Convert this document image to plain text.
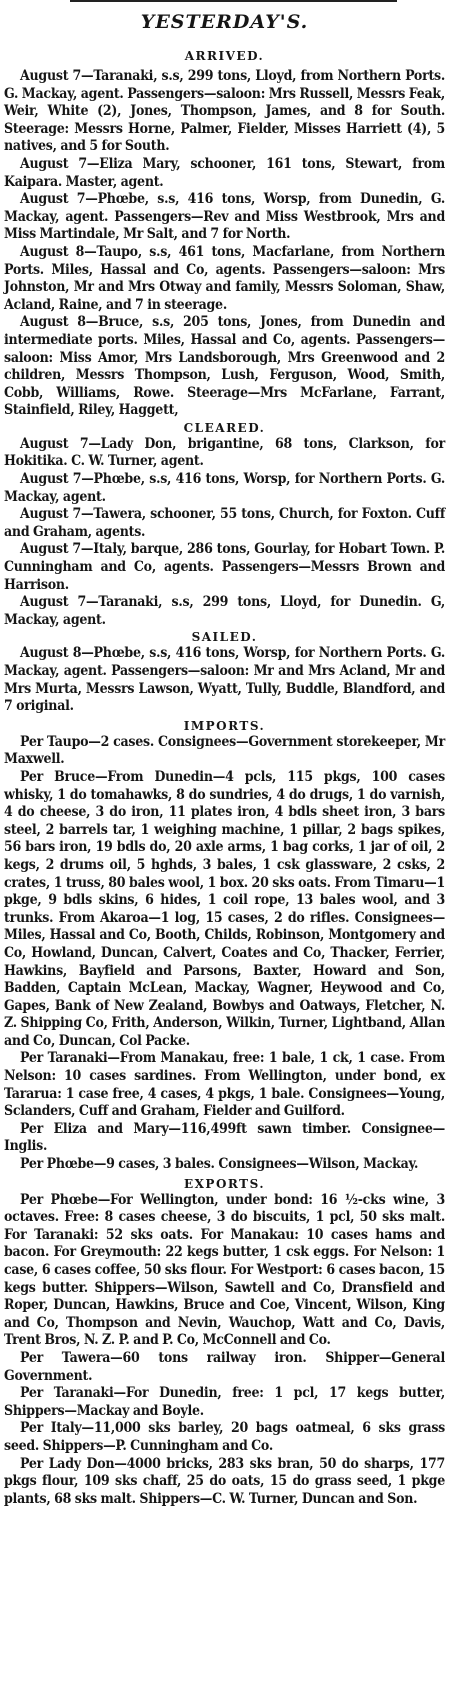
YESTERDAY'S.
ARRIVED.

August 7—Taranaki, s.s, 299 tons, Lloyd, from Northern Ports. G. Mackay, agent. Passengers—saloon: Mrs Russell, Messrs Feak, Weir, White (2), Jones, Thompson, James, and 8 for South. Steerage: Messrs Horne, Palmer, Fielder, Misses Harriett (4), 5 natives, and 5 for South.

August 7—Eliza Mary, schooner, 161 tons, Stewart, from Kaipara. Master, agent.

August 7—Phœbe, s.s, 416 tons, Worsp, from Dunedin, G. Mackay, agent. Passengers—Rev and Miss Westbrook, Mrs and Miss Martindale, Mr Salt, and 7 for North.

August 8—Taupo, s.s, 461 tons, Macfarlane, from Northern Ports. Miles, Hassal and Co, agents. Passengers—saloon: Mrs Johnston, Mr and Mrs Otway and family, Messrs Soloman, Shaw, Acland, Raine, and 7 in steerage.

August 8—Bruce, s.s, 205 tons, Jones, from Dunedin and intermediate ports. Miles, Hassal and Co, agents. Passengers—saloon: Miss Amor, Mrs Landsborough, Mrs Greenwood and 2 children, Messrs Thompson, Lush, Ferguson, Wood, Smith, Cobb, Williams, Rowe. Steerage—Mrs McFarlane, Farrant, Stainfield, Riley, Haggett,

CLEARED.

August 7—Lady Don, brigantine, 68 tons, Clarkson, for Hokitika. C. W. Turner, agent.

August 7—Phœbe, s.s, 416 tons, Worsp, for Northern Ports. G. Mackay, agent.

August 7—Tawera, schooner, 55 tons, Church, for Foxton. Cuff and Graham, agents.

August 7—Italy, barque, 286 tons, Gourlay, for Hobart Town. P. Cunningham and Co, agents. Passengers—Messrs Brown and Harrison.

August 7—Taranaki, s.s, 299 tons, Lloyd, for Dunedin. G, Mackay, agent.

SAILED.

August 8—Phœbe, s.s, 416 tons, Worsp, for Northern Ports. G. Mackay, agent. Passengers—saloon: Mr and Mrs Acland, Mr and Mrs Murta, Messrs Lawson, Wyatt, Tully, Buddle, Blandford, and 7 original.

IMPORTS.

Per Taupo—2 cases. Consignees—Government storekeeper, Mr Maxwell.

Per Bruce—From Dunedin—4 pcls, 115 pkgs, 100 cases whisky, 1 do tomahawks, 8 do sundries, 4 do drugs, 1 do varnish, 4 do cheese, 3 do iron, 11 plates iron, 4 bdls sheet iron, 3 bars steel, 2 barrels tar, 1 weighing machine, 1 pillar, 2 bags spikes, 56 bars iron, 19 bdls do, 20 axle arms, 1 bag corks, 1 jar of oil, 2 kegs, 2 drums oil, 5 hghds, 3 bales, 1 csk glassware, 2 csks, 2 crates, 1 truss, 80 bales wool, 1 box. 20 sks oats. From Timaru—1 pkge, 9 bdls skins, 6 hides, 1 coil rope, 13 bales wool, and 3 trunks. From Akaroa—1 log, 15 cases, 2 do rifles. Consignees—Miles, Hassal and Co, Booth, Childs, Robinson, Montgomery and Co, Howland, Duncan, Calvert, Coates and Co, Thacker, Ferrier, Hawkins, Bayfield and Parsons, Baxter, Howard and Son, Badden, Captain McLean, Mackay, Wagner, Heywood and Co, Gapes, Bank of New Zealand, Bowbys and Oatways, Fletcher, N. Z. Shipping Co, Frith, Anderson, Wilkin, Turner, Lightband, Allan and Co, Duncan, Col Packe.

Per Taranaki—From Manakau, free: 1 bale, 1 ck, 1 case. From Nelson: 10 cases sardines. From Wellington, under bond, ex Tararua: 1 case free, 4 cases, 4 pkgs, 1 bale. Consignees—Young, Sclanders, Cuff and Graham, Fielder and Guilford.

Per Eliza and Mary—116,499ft sawn timber. Consignee—Inglis.

Per Phœbe—9 cases, 3 bales. Consignees—Wilson, Mackay.

EXPORTS.

Per Phœbe—For Wellington, under bond: 16 ½-cks wine, 3 octaves. Free: 8 cases cheese, 3 do biscuits, 1 pcl, 50 sks malt. For Taranaki: 52 sks oats. For Manakau: 10 cases hams and bacon. For Greymouth: 22 kegs butter, 1 csk eggs. For Nelson: 1 case, 6 cases coffee, 50 sks flour. For Westport: 6 cases bacon, 15 kegs butter. Shippers—Wilson, Sawtell and Co, Dransfield and Roper, Duncan, Hawkins, Bruce and Coe, Vincent, Wilson, King and Co, Thompson and Nevin, Wauchop, Watt and Co, Davis, Trent Bros, N. Z. P. and P. Co, McConnell and Co.

Per Tawera—60 tons railway iron. Shipper—General Government.

Per Taranaki—For Dunedin, free: 1 pcl, 17 kegs butter, Shippers—Mackay and Boyle.

Per Italy—11,000 sks barley, 20 bags oatmeal, 6 sks grass seed. Shippers—P. Cunningham and Co.

Per Lady Don—4000 bricks, 283 sks bran, 50 do sharps, 177 pkgs flour, 109 sks chaff, 25 do oats, 15 do grass seed, 1 pkge plants, 68 sks malt. Shippers—C. W. Turner, Duncan and Son.
